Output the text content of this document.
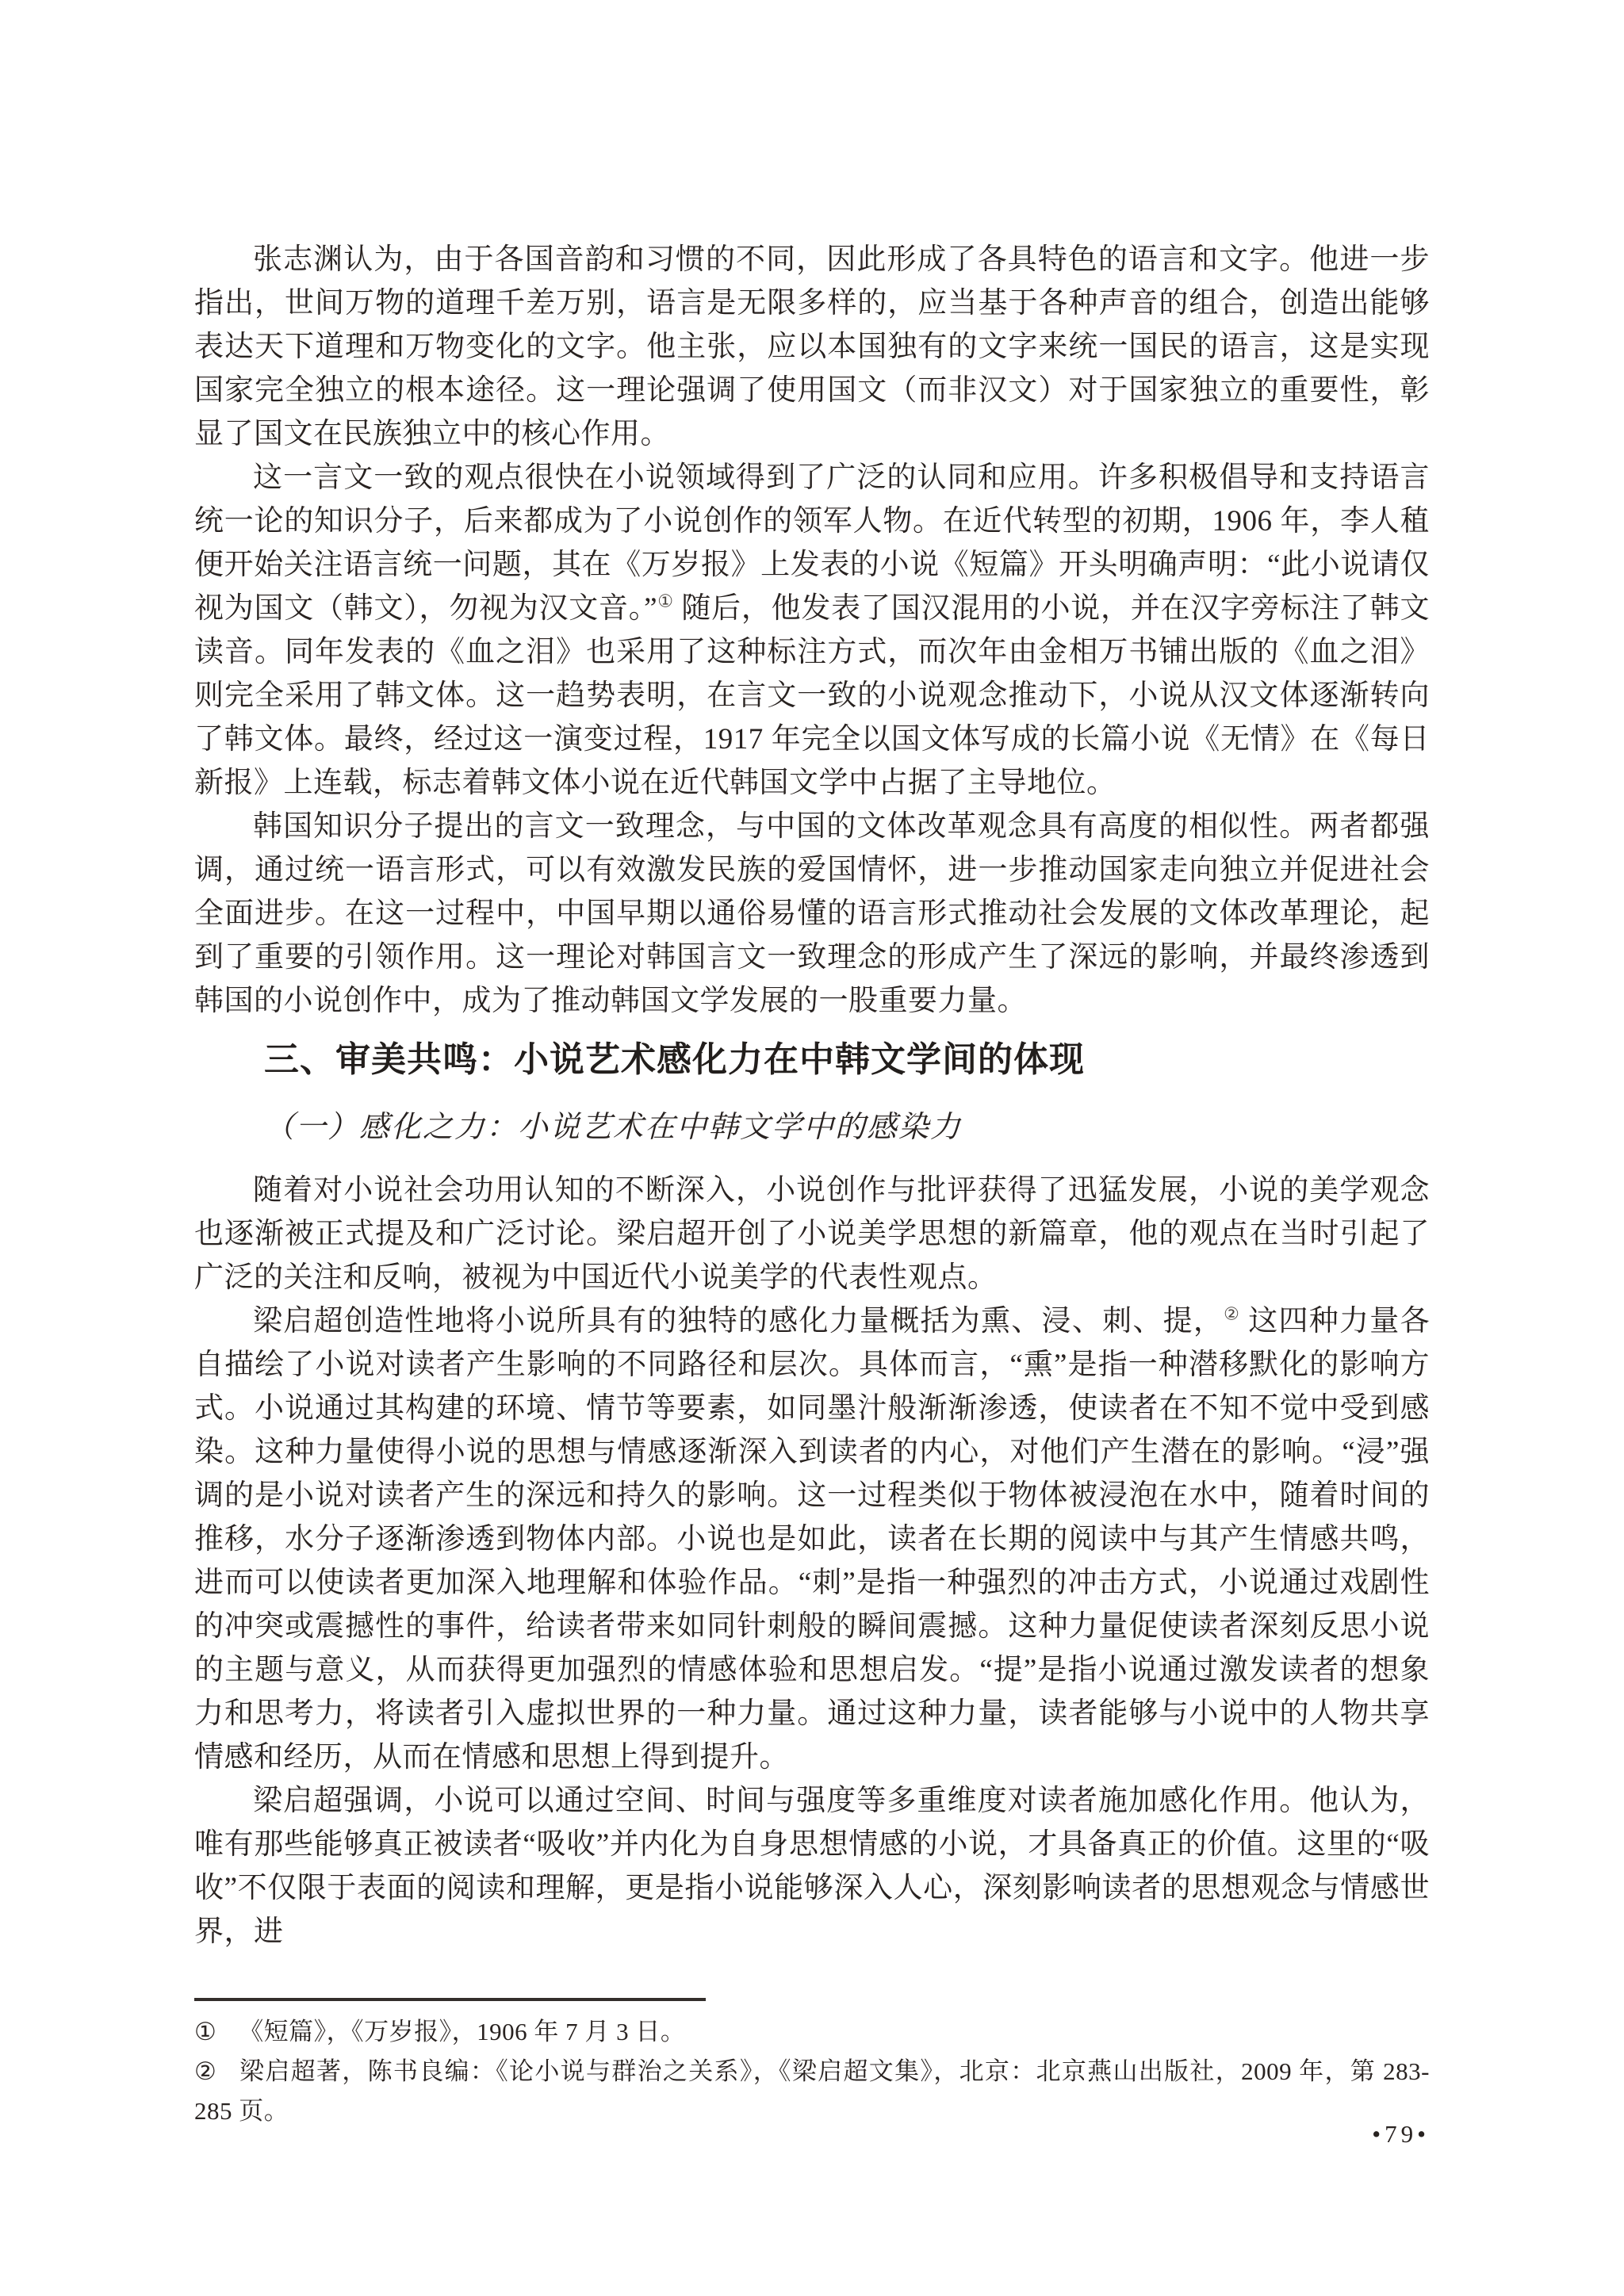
张志渊认为，由于各国音韵和习惯的不同，因此形成了各具特色的语言和文字。他进一步指出，世间万物的道理千差万别，语言是无限多样的，应当基于各种声音的组合，创造出能够表达天下道理和万物变化的文字。他主张，应以本国独有的文字来统一国民的语言，这是实现国家完全独立的根本途径。这一理论强调了使用国文（而非汉文）对于国家独立的重要性，彰显了国文在民族独立中的核心作用。

这一言文一致的观点很快在小说领域得到了广泛的认同和应用。许多积极倡导和支持语言统一论的知识分子，后来都成为了小说创作的领军人物。在近代转型的初期，1906 年，李人稙便开始关注语言统一问题，其在《万岁报》上发表的小说《短篇》开头明确声明：“此小说请仅视为国文（韩文），勿视为汉文音。”① 随后，他发表了国汉混用的小说，并在汉字旁标注了韩文读音。同年发表的《血之泪》也采用了这种标注方式，而次年由金相万书铺出版的《血之泪》则完全采用了韩文体。这一趋势表明，在言文一致的小说观念推动下，小说从汉文体逐渐转向了韩文体。最终，经过这一演变过程，1917 年完全以国文体写成的长篇小说《无情》在《每日新报》上连载，标志着韩文体小说在近代韩国文学中占据了主导地位。

韩国知识分子提出的言文一致理念，与中国的文体改革观念具有高度的相似性。两者都强调，通过统一语言形式，可以有效激发民族的爱国情怀，进一步推动国家走向独立并促进社会全面进步。在这一过程中，中国早期以通俗易懂的语言形式推动社会发展的文体改革理论，起到了重要的引领作用。这一理论对韩国言文一致理念的形成产生了深远的影响，并最终渗透到韩国的小说创作中，成为了推动韩国文学发展的一股重要力量。

三、审美共鸣：小说艺术感化力在中韩文学间的体现
（一）感化之力：小说艺术在中韩文学中的感染力

随着对小说社会功用认知的不断深入，小说创作与批评获得了迅猛发展，小说的美学观念也逐渐被正式提及和广泛讨论。梁启超开创了小说美学思想的新篇章，他的观点在当时引起了广泛的关注和反响，被视为中国近代小说美学的代表性观点。

梁启超创造性地将小说所具有的独特的感化力量概括为熏、浸、刺、提，② 这四种力量各自描绘了小说对读者产生影响的不同路径和层次。具体而言，“熏”是指一种潜移默化的影响方式。小说通过其构建的环境、情节等要素，如同墨汁般渐渐渗透，使读者在不知不觉中受到感染。这种力量使得小说的思想与情感逐渐深入到读者的内心，对他们产生潜在的影响。“浸”强调的是小说对读者产生的深远和持久的影响。这一过程类似于物体被浸泡在水中，随着时间的推移，水分子逐渐渗透到物体内部。小说也是如此，读者在长期的阅读中与其产生情感共鸣，进而可以使读者更加深入地理解和体验作品。“刺”是指一种强烈的冲击方式，小说通过戏剧性的冲突或震撼性的事件，给读者带来如同针刺般的瞬间震撼。这种力量促使读者深刻反思小说的主题与意义，从而获得更加强烈的情感体验和思想启发。“提”是指小说通过激发读者的想象力和思考力，将读者引入虚拟世界的一种力量。通过这种力量，读者能够与小说中的人物共享情感和经历，从而在情感和思想上得到提升。

梁启超强调，小说可以通过空间、时间与强度等多重维度对读者施加感化作用。他认为，唯有那些能够真正被读者“吸收”并内化为自身思想情感的小说，才具备真正的价值。这里的“吸收”不仅限于表面的阅读和理解，更是指小说能够深入人心，深刻影响读者的思想观念与情感世界，进

① 《短篇》，《万岁报》，1906 年 7 月 3 日。
② 梁启超著，陈书良编：《论小说与群治之关系》，《梁启超文集》，北京：北京燕山出版社，2009 年，第 283-285 页。
•79•
